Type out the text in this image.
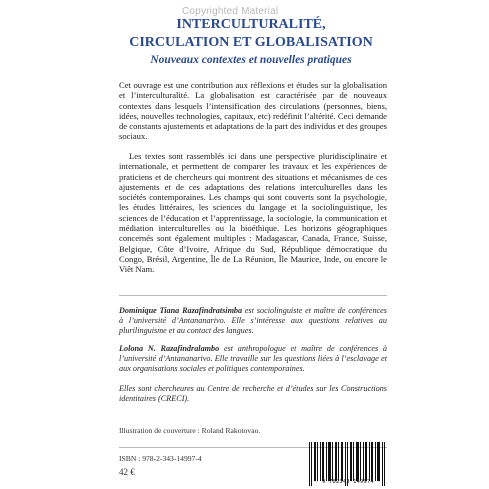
Copyrighted Material
INTERCULTURALITÉ,
CIRCULATION ET GLOBALISATION
Nouveaux contextes et nouvelles pratiques

Cet ouvrage est une contribution aux réflexions et études sur la globalisation et l’interculturalité. La globalisation est caractérisée par de nouveaux contextes dans lesquels l’intensification des circulations (personnes, biens, idées, nouvelles technologies, capitaux, etc) redéfinit l’altérité. Ceci demande de constants ajustements et adaptations de la part des individus et des groupes sociaux.

Les textes sont rassemblés ici dans une perspective pluridisciplinaire et internationale, et permettent de comparer les travaux et les expériences de praticiens et de chercheurs qui montrent des situations et mécanismes de ces ajustements et de ces adaptations des relations interculturelles dans les sociétés contemporaines. Les champs qui sont couverts sont la psychologie, les études littéraires, les sciences du langage et la sociolinguistique, les sciences de l’éducation et l’apprentissage, la sociologie, la communication et médiation interculturelles ou la bioéthique. Les horizons géographiques concernés sont également multiples : Madagascar, Canada, France, Suisse, Belgique, Côte d’Ivoire, Afrique du Sud, République démocratique du Congo, Brésil, Argentine, Île de La Réunion, Île Maurice, Inde, ou encore le Viêt Nam.

Dominique Tiana Razafindratsimba est sociolinguiste et maître de conférences à l’université d’Antananarivo. Elle s’intéresse aux questions relatives au plurilinguisme et au contact des langues.

Lolona N. Razafindralambo est anthropologue et maître de conférences à l’université d’Antananarivo. Elle travaille sur les questions liées à l’esclavage et aux organisations sociales et politiques contemporaines.

Elles sont chercheures au Centre de recherche et d’études sur les Constructions identitaires (CRECI).

Illustration de couverture : Roland Rakotovao.
ISBN : 978-2-343-14997-4
42 €
9 782343 149974
